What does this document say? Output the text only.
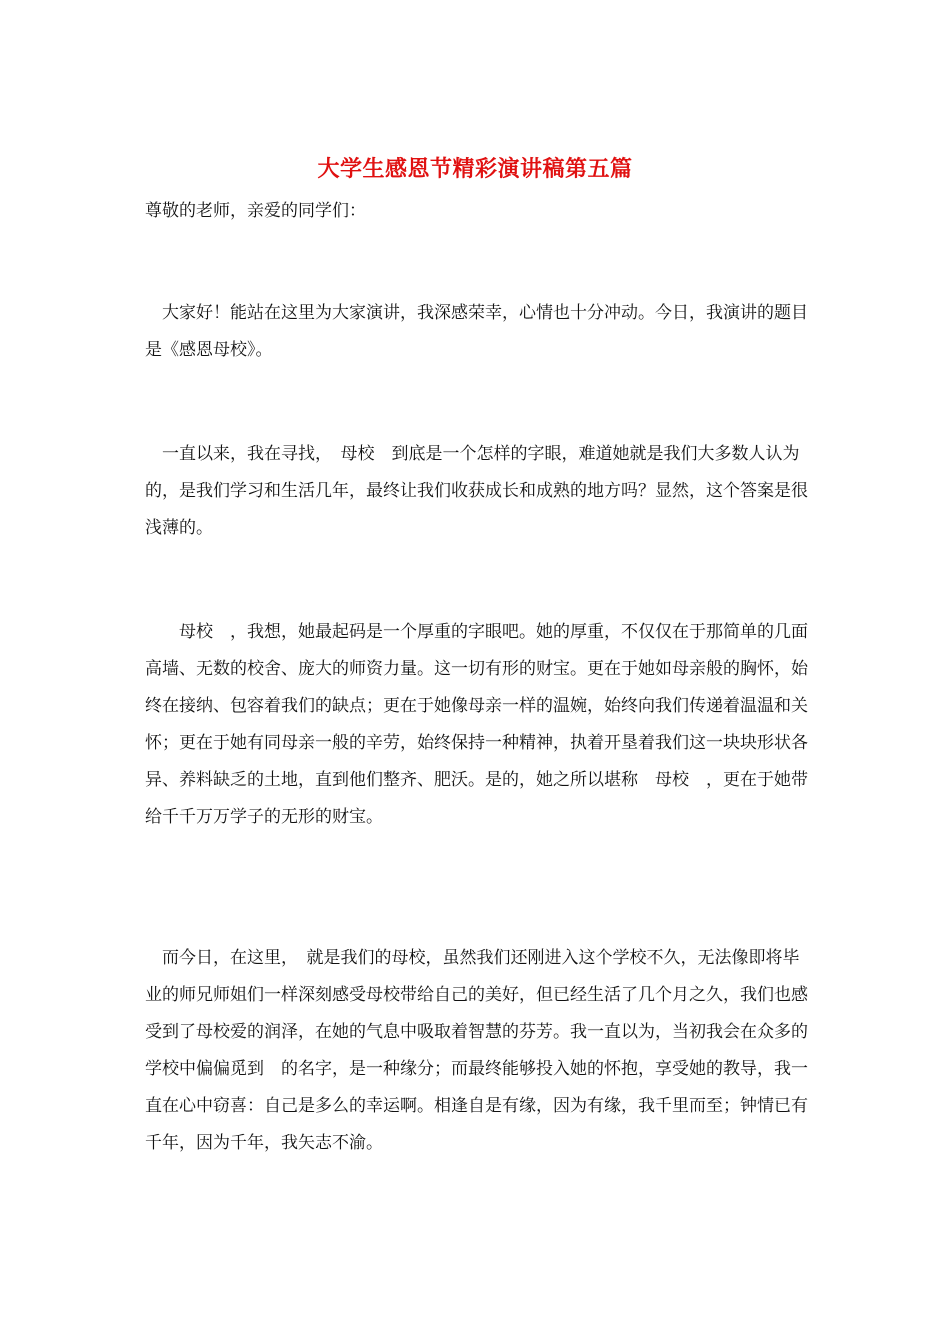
大学生感恩节精彩演讲稿第五篇

尊敬的老师，亲爱的同学们：

　大家好！能站在这里为大家演讲，我深感荣幸，心情也十分冲动。今日，我演讲的题目是《感恩母校》。

　一直以来，我在寻找，　母校　到底是一个怎样的字眼，难道她就是我们大多数人认为的，是我们学习和生活几年，最终让我们收获成长和成熟的地方吗？显然，这个答案是很浅薄的。

　　母校　，我想，她最起码是一个厚重的字眼吧。她的厚重，不仅仅在于那简单的几面高墙、无数的校舍、庞大的师资力量。这一切有形的财宝。更在于她如母亲般的胸怀，始终在接纳、包容着我们的缺点；更在于她像母亲一样的温婉，始终向我们传递着温温和关怀；更在于她有同母亲一般的辛劳，始终保持一种精神，执着开垦着我们这一块块形状各异、养料缺乏的土地，直到他们整齐、肥沃。是的，她之所以堪称　母校　，更在于她带给千千万万学子的无形的财宝。

　而今日，在这里，　就是我们的母校，虽然我们还刚进入这个学校不久，无法像即将毕业的师兄师姐们一样深刻感受母校带给自己的美好，但已经生活了几个月之久，我们也感受到了母校爱的润泽，在她的气息中吸取着智慧的芬芳。我一直以为，当初我会在众多的学校中偏偏觅到　的名字，是一种缘分；而最终能够投入她的怀抱，享受她的教导，我一直在心中窃喜：自己是多么的幸运啊。相逢自是有缘，因为有缘，我千里而至；钟情已有千年，因为千年，我矢志不渝。
